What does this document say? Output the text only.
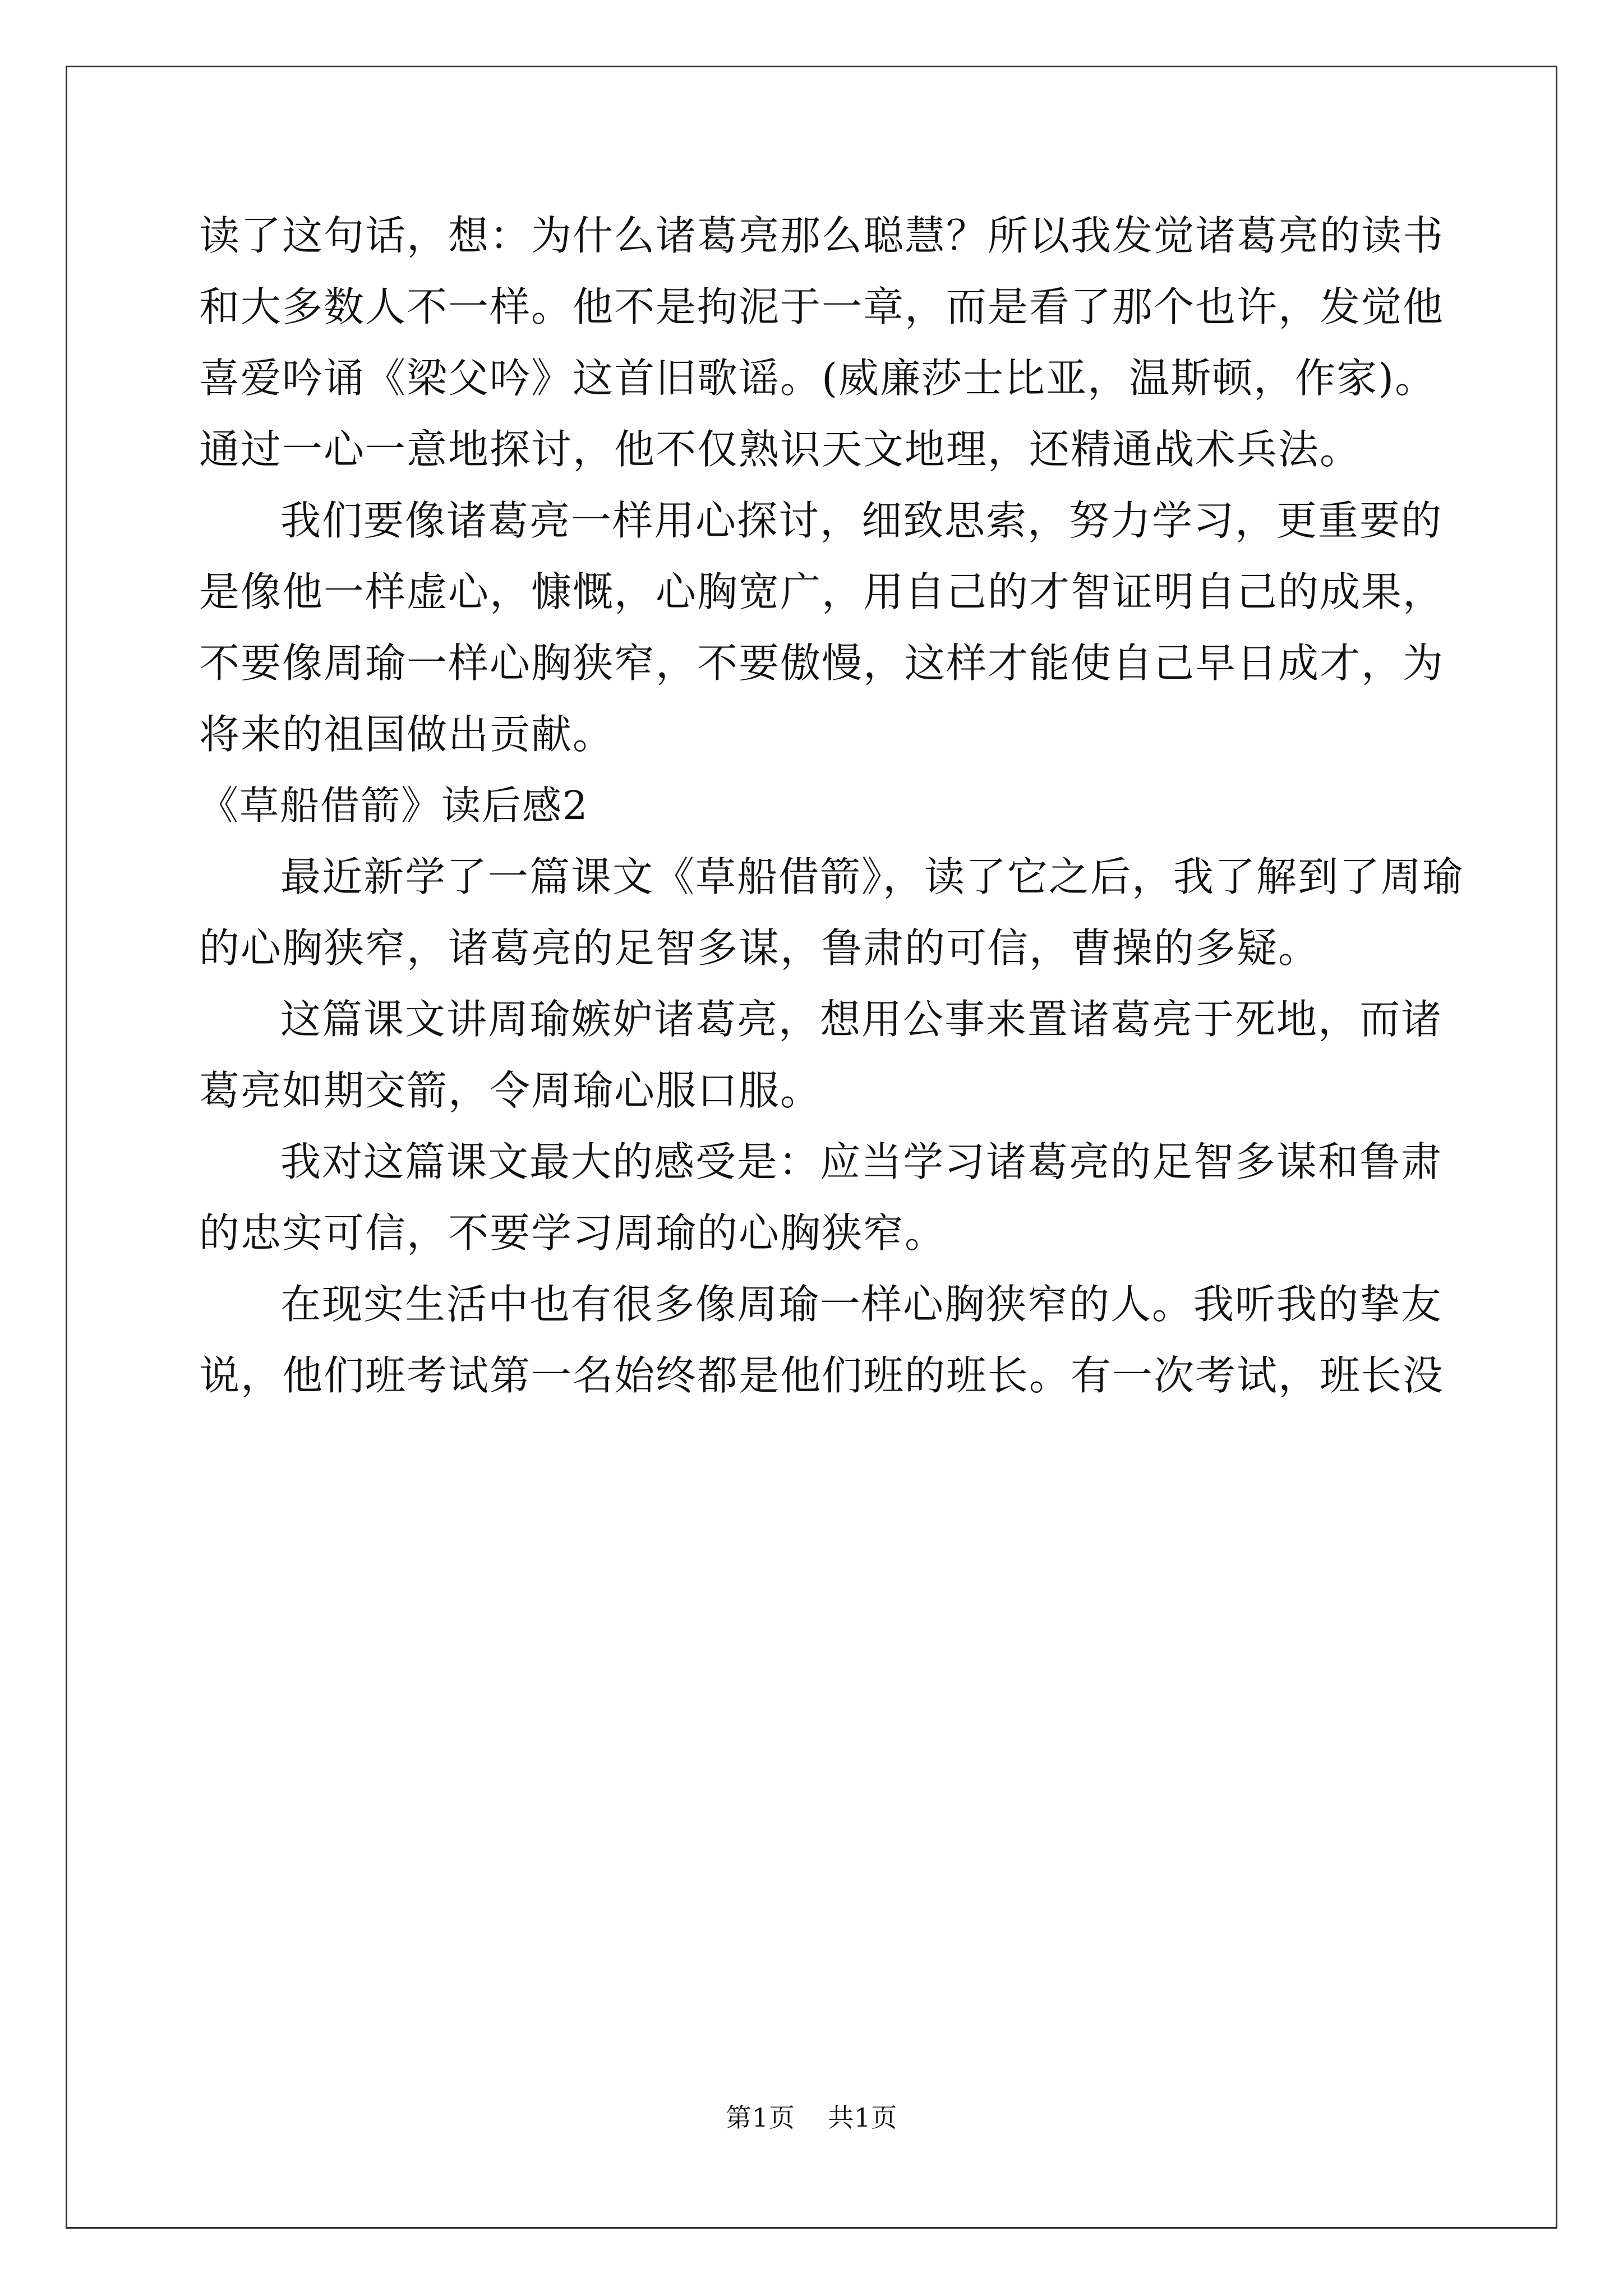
读了这句话，想：为什么诸葛亮那么聪慧？所以我发觉诸葛亮的读书
和大多数人不一样。他不是拘泥于一章，而是看了那个也许，发觉他
喜爱吟诵《梁父吟》这首旧歌谣。(威廉莎士比亚，温斯顿，作家)。
通过一心一意地探讨，他不仅熟识天文地理，还精通战术兵法。
我们要像诸葛亮一样用心探讨，细致思索，努力学习，更重要的
是像他一样虚心，慷慨，心胸宽广，用自己的才智证明自己的成果，
不要像周瑜一样心胸狭窄，不要傲慢，这样才能使自己早日成才，为
将来的祖国做出贡献。
《草船借箭》读后感2
最近新学了一篇课文《草船借箭》，读了它之后，我了解到了周瑜
的心胸狭窄，诸葛亮的足智多谋，鲁肃的可信，曹操的多疑。
这篇课文讲周瑜嫉妒诸葛亮，想用公事来置诸葛亮于死地，而诸
葛亮如期交箭，令周瑜心服口服。
我对这篇课文最大的感受是：应当学习诸葛亮的足智多谋和鲁肃
的忠实可信，不要学习周瑜的心胸狭窄。
在现实生活中也有很多像周瑜一样心胸狭窄的人。我听我的挚友
说，他们班考试第一名始终都是他们班的班长。有一次考试，班长没
第1页 共1页
